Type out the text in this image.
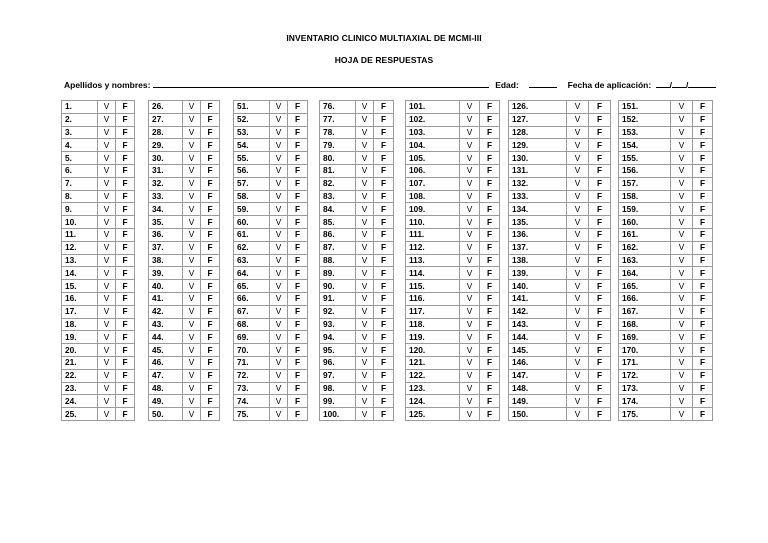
INVENTARIO CLINICO MULTIAXIAL DE MCMI-III
HOJA DE RESPUESTAS
Apellidos y nombres:	Edad:	Fecha de aplicación: / /
1.	V	F
2.	V	F
3.	V	F
4.	V	F
5.	V	F
6.	V	F
7.	V	F
8.	V	F
9.	V	F
10.	V	F
11.	V	F
12.	V	F
13.	V	F
14.	V	F
15.	V	F
16.	V	F
17.	V	F
18.	V	F
19.	V	F
20.	V	F
21.	V	F
22.	V	F
23.	V	F
24.	V	F
25.	V	F
26.	V	F
27.	V	F
28.	V	F
29.	V	F
30.	V	F
31.	V	F
32.	V	F
33.	V	F
34.	V	F
35.	V	F
36.	V	F
37.	V	F
38.	V	F
39.	V	F
40.	V	F
41.	V	F
42.	V	F
43.	V	F
44.	V	F
45.	V	F
46.	V	F
47.	V	F
48.	V	F
49.	V	F
50.	V	F
51.	V	F
52.	V	F
53.	V	F
54.	V	F
55.	V	F
56.	V	F
57.	V	F
58.	V	F
59.	V	F
60.	V	F
61.	V	F
62.	V	F
63.	V	F
64.	V	F
65.	V	F
66.	V	F
67.	V	F
68.	V	F
69.	V	F
70.	V	F
71.	V	F
72.	V	F
73.	V	F
74.	V	F
75.	V	F
76.	V	F
77.	V	F
78.	V	F
79.	V	F
80.	V	F
81.	V	F
82.	V	F
83.	V	F
84.	V	F
85.	V	F
86.	V	F
87.	V	F
88.	V	F
89.	V	F
90.	V	F
91.	V	F
92.	V	F
93.	V	F
94.	V	F
95.	V	F
96.	V	F
97.	V	F
98.	V	F
99.	V	F
100.	V	F
101.	V	F
102.	V	F
103.	V	F
104.	V	F
105.	V	F
106.	V	F
107.	V	F
108.	V	F
109.	V	F
110.	V	F
111.	V	F
112.	V	F
113.	V	F
114.	V	F
115.	V	F
116.	V	F
117.	V	F
118.	V	F
119.	V	F
120.	V	F
121.	V	F
122.	V	F
123.	V	F
124.	V	F
125.	V	F
126.	V	F
127.	V	F
128.	V	F
129.	V	F
130.	V	F
131.	V	F
132.	V	F
133.	V	F
134.	V	F
135.	V	F
136.	V	F
137.	V	F
138.	V	F
139.	V	F
140.	V	F
141.	V	F
142.	V	F
143.	V	F
144.	V	F
145.	V	F
146.	V	F
147.	V	F
148.	V	F
149.	V	F
150.	V	F
151.	V	F
152.	V	F
153.	V	F
154.	V	F
155.	V	F
156.	V	F
157.	V	F
158.	V	F
159.	V	F
160.	V	F
161.	V	F
162.	V	F
163.	V	F
164.	V	F
165.	V	F
166.	V	F
167.	V	F
168.	V	F
169.	V	F
170.	V	F
171.	V	F
172.	V	F
173.	V	F
174.	V	F
175.	V	F
